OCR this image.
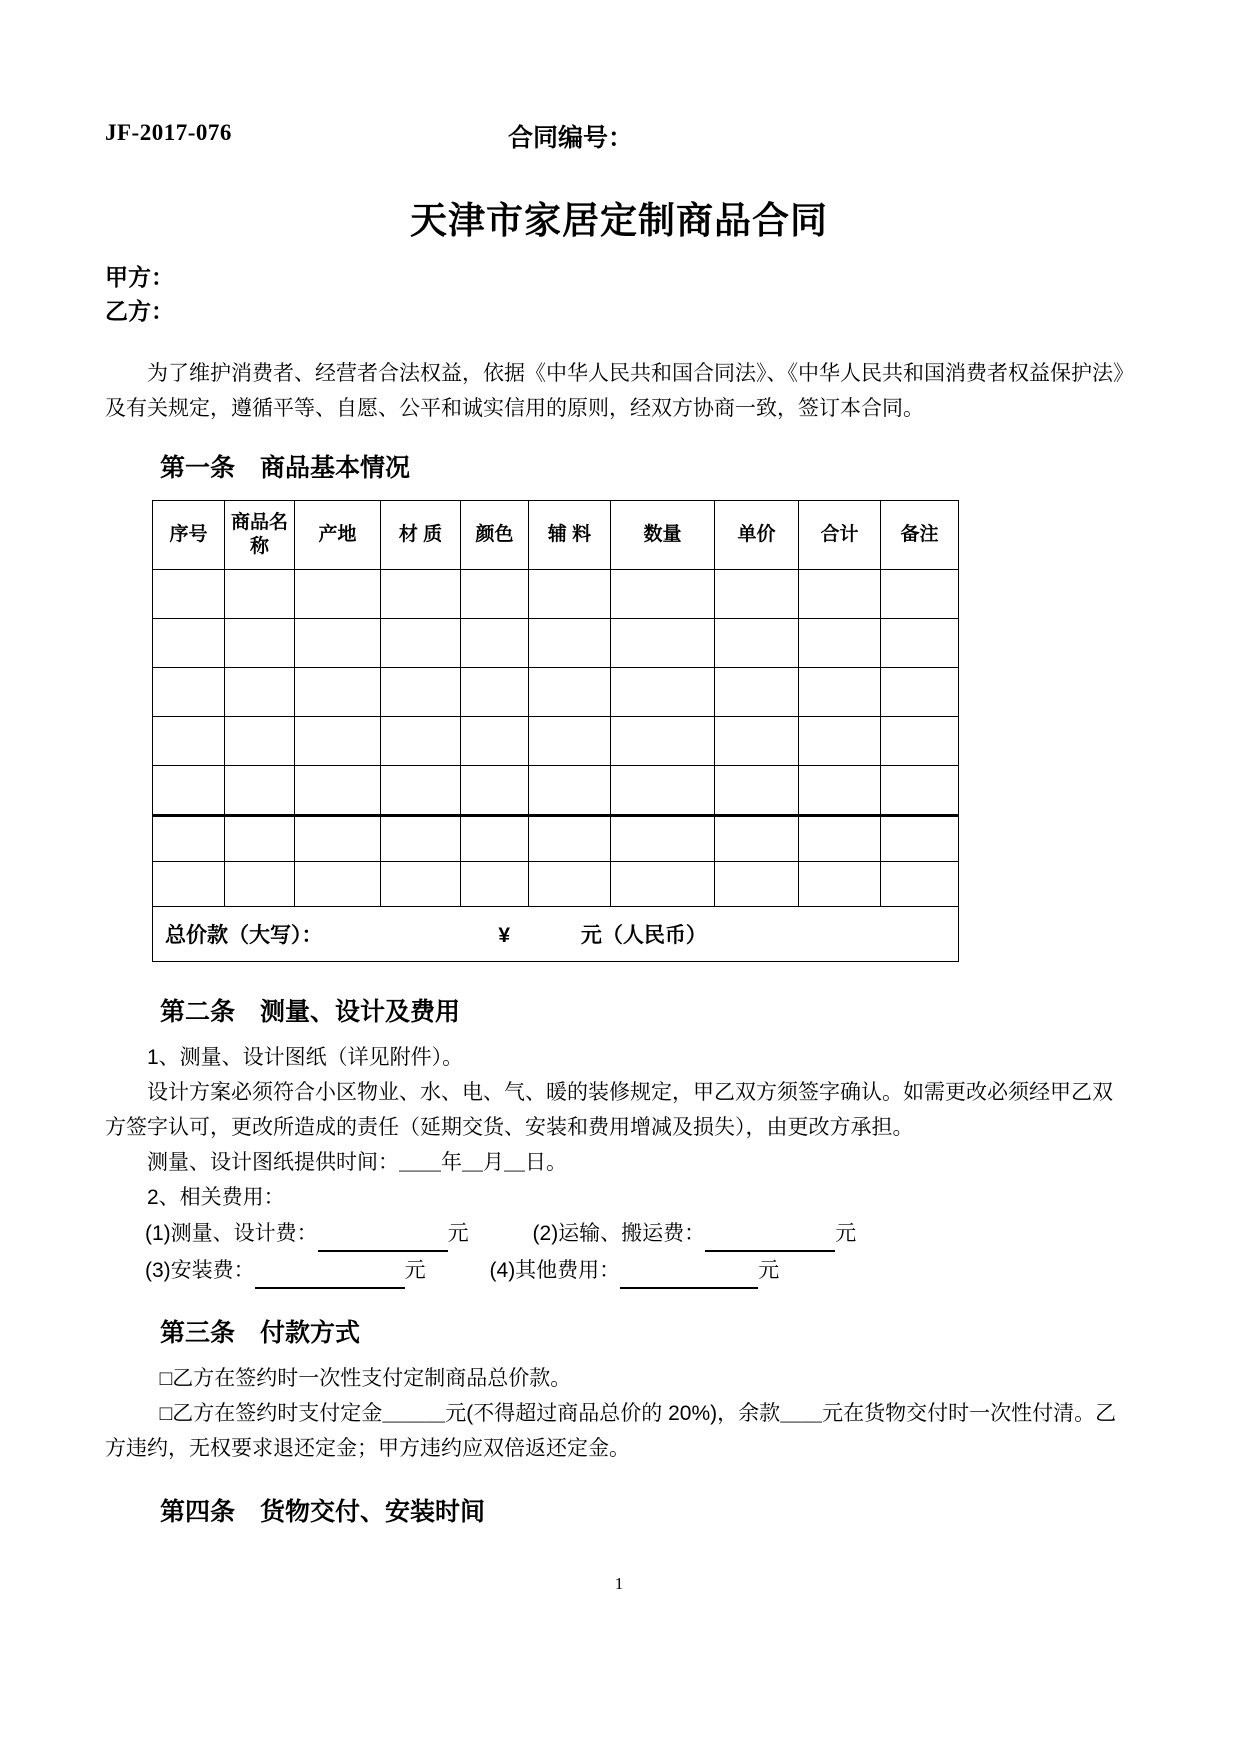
JF-2017-076	合同编号：
天津市家居定制商品合同
甲方：
乙方：

为了维护消费者、经营者合法权益，依据《中华人民共和国合同法》、《中华人民共和国消费者权益保护法》及有关规定，遵循平等、自愿、公平和诚实信用的原则，经双方协商一致，签订本合同。

第一条　商品基本情况
序号	商品名称	产地	材 质	颜色	辅 料	数量	单价	合计	备注

总价款（大写）： ¥ 元（人民币）									
第二条　测量、设计及费用

1、测量、设计图纸（详见附件）。

设计方案必须符合小区物业、水、电、气、暖的装修规定，甲乙双方须签字确认。如需更改必须经甲乙双方签字认可，更改所造成的责任（延期交货、安装和费用增减及损失），由更改方承担。

测量、设计图纸提供时间：＿＿年＿月＿日。

2、相关费用：

(1)测量、设计费：	元	(2)运输、搬运费：	元
(3)安装费：	元	(4)其他费用：	元
第三条　付款方式

□乙方在签约时一次性支付定制商品总价款。

□乙方在签约时支付定金＿＿＿元(不得超过商品总价的 20%)，余款＿＿元在货物交付时一次性付清。乙方违约，无权要求退还定金；甲方违约应双倍返还定金。

第四条　货物交付、安装时间
1
